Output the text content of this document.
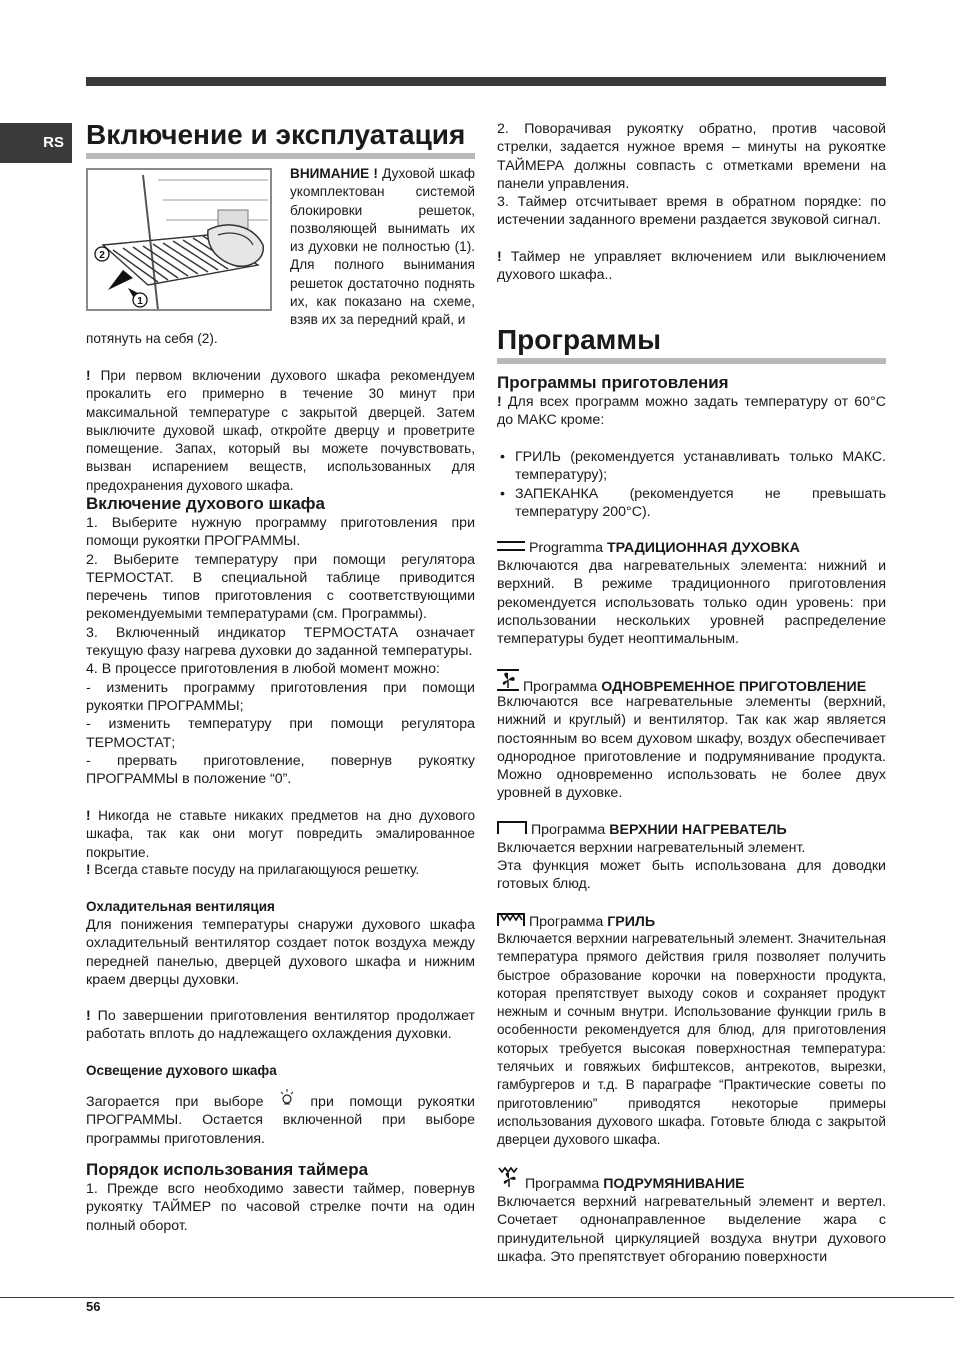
RS Включение и эксплуатация
2
1

ВНИМАНИЕ ! Духовой шкаф укомплектован системой блокировки решеток, позволяющей вынимать их из духовки не полностью (1). Для полного вынимания решеток достаточно поднять их, как показано на схеме, взяв их за передний край, и

потянуть на себя (2).

! При первом включении духового шкафа рекомендуем прокалить его примерно в течение 30 минут при максимальной температуре с закрытой дверцей. Затем выключите духовой шкаф, откройте дверцу и проветрите помещение. Запах, который вы можете почувствовать, вызван испарением веществ, использованных для предохранения духового шкафа.

Включение духового шкафа

1. Выберите нужную программу приготовления при помощи рукоятки ПРОГРАММЫ.

2. Выберите температуру при помощи регулятора ТЕРМОСТАТ. В специальной таблице приводится перечень типов приготовления с соответствующими рекомендуемыми температурами (см. Программы).

3. Включенный индикатор ТЕРМОСТАТА означает текущую фазу нагрева духовки до заданной температуры.

4. В процессе приготовления в любой момент можно:

- изменить программу приготовления при помощи рукоятки ПРОГРАММЫ;

- изменить температуру при помощи регулятора ТЕРМОСТАТ;

- прервать приготовление, повернув рукоятку ПРОГРАММЫ в положение “0”.

! Никогда не ставьте никаких предметов на дно духового шкафа, так как они могут повредить эмалированное покрытие.

! Всегда ставьте посуду на прилагающуюся решетку.

Охладительная вентиляция

Для понижения температуры снаружи духового шкафа охладительный вентилятор создает поток воздуха между передней панелью, дверцей духового шкафа и нижним краем дверцы духовки.

! По завершении приготовления вентилятор продолжает работать вплоть до надлежащего охлаждения духовки.

Освещение духового шкафа

Загорается при выборе  при помощи рукоятки ПРОГРАММЫ. Остается включенной при выборе программы приготовления.

Порядок использования таймера

1. Прежде всго необходимо завести таймер, повернув рукоятку ТАЙМЕР по часовой стрелке почти на один полный оборот.

2. Поворачивая рукоятку обратно, против часовой стрелки, задается нужное время – минуты на рукоятке ТАЙМЕРА должны совпасть с отметками времени на панели управления.

3. Таймер отсчитывает время в обратном порядке: по истечении заданного времени раздается звуковой сигнал.

! Таймер не управляет включением или выключением духового шкафа..

Программы
Программы приготовления

! Для всех программ можно задать температуру от 60°C до МАКС кроме:

• ГРИЛЬ (рекомендуется устанавливать только МАКС. температуру);
• ЗАПЕКАНКА (рекомендуется не превышать температуру 200°C).
Programma ТРАДИЦИОННАЯ ДУХОВКА

Включаются два нагревательных элемента: нижний и верхний. В режиме традиционного приготовления рекомендуется использовать только один уровень: при использовании нескольких уровней распределение температуры будет неоптимальным.

Программа ОДНОВРЕМЕННОЕ ПРИГОТОВЛЕНИЕ

Включаются все нагревательные элементы (верхний, нижний и круглый) и вентилятор. Так как жар является постоянным во всем духовом шкафу, воздух обеспечивает однородное приготовление и подрумянивание продукта. Можно одновременно использовать не более двух уровней в духовке.

Программа ВЕРХНИИ НАГРЕВАТЕЛЬ

Включается верхнии нагревательный элемент.

Эта функция может быть использована для доводки готовых блюд.

Программа ГРИЛЬ

Включается верхнии нагревательный элемент. Значительная температура прямого действия гриля позволяет получить быстрое образование корочки на поверхности продукта, которая препятствует выходу соков и сохраняет продукт нежным и сочным внутри. Использование функции гриль в особенности рекомендуется для блюд, для приготовления которых требуется высокая поверхностная температура: телячьих и говяжьих бифштексов, антрекотов, вырезки, гамбургеров и т.д. В параграфе “Практические советы по приготовлению” приводятся некоторые примеры использования духового шкафа. Готовьте блюда с закрытой дверцеи духового шкафа.

Программа ПОДРУМЯНИВАНИЕ

Включается верхний нагревательный элемент и вертел. Сочетает однонаправленное выделение жара с принудительной циркуляцией воздуха внутри духового шкафа. Это препятствует обгоранию поверхности

56
